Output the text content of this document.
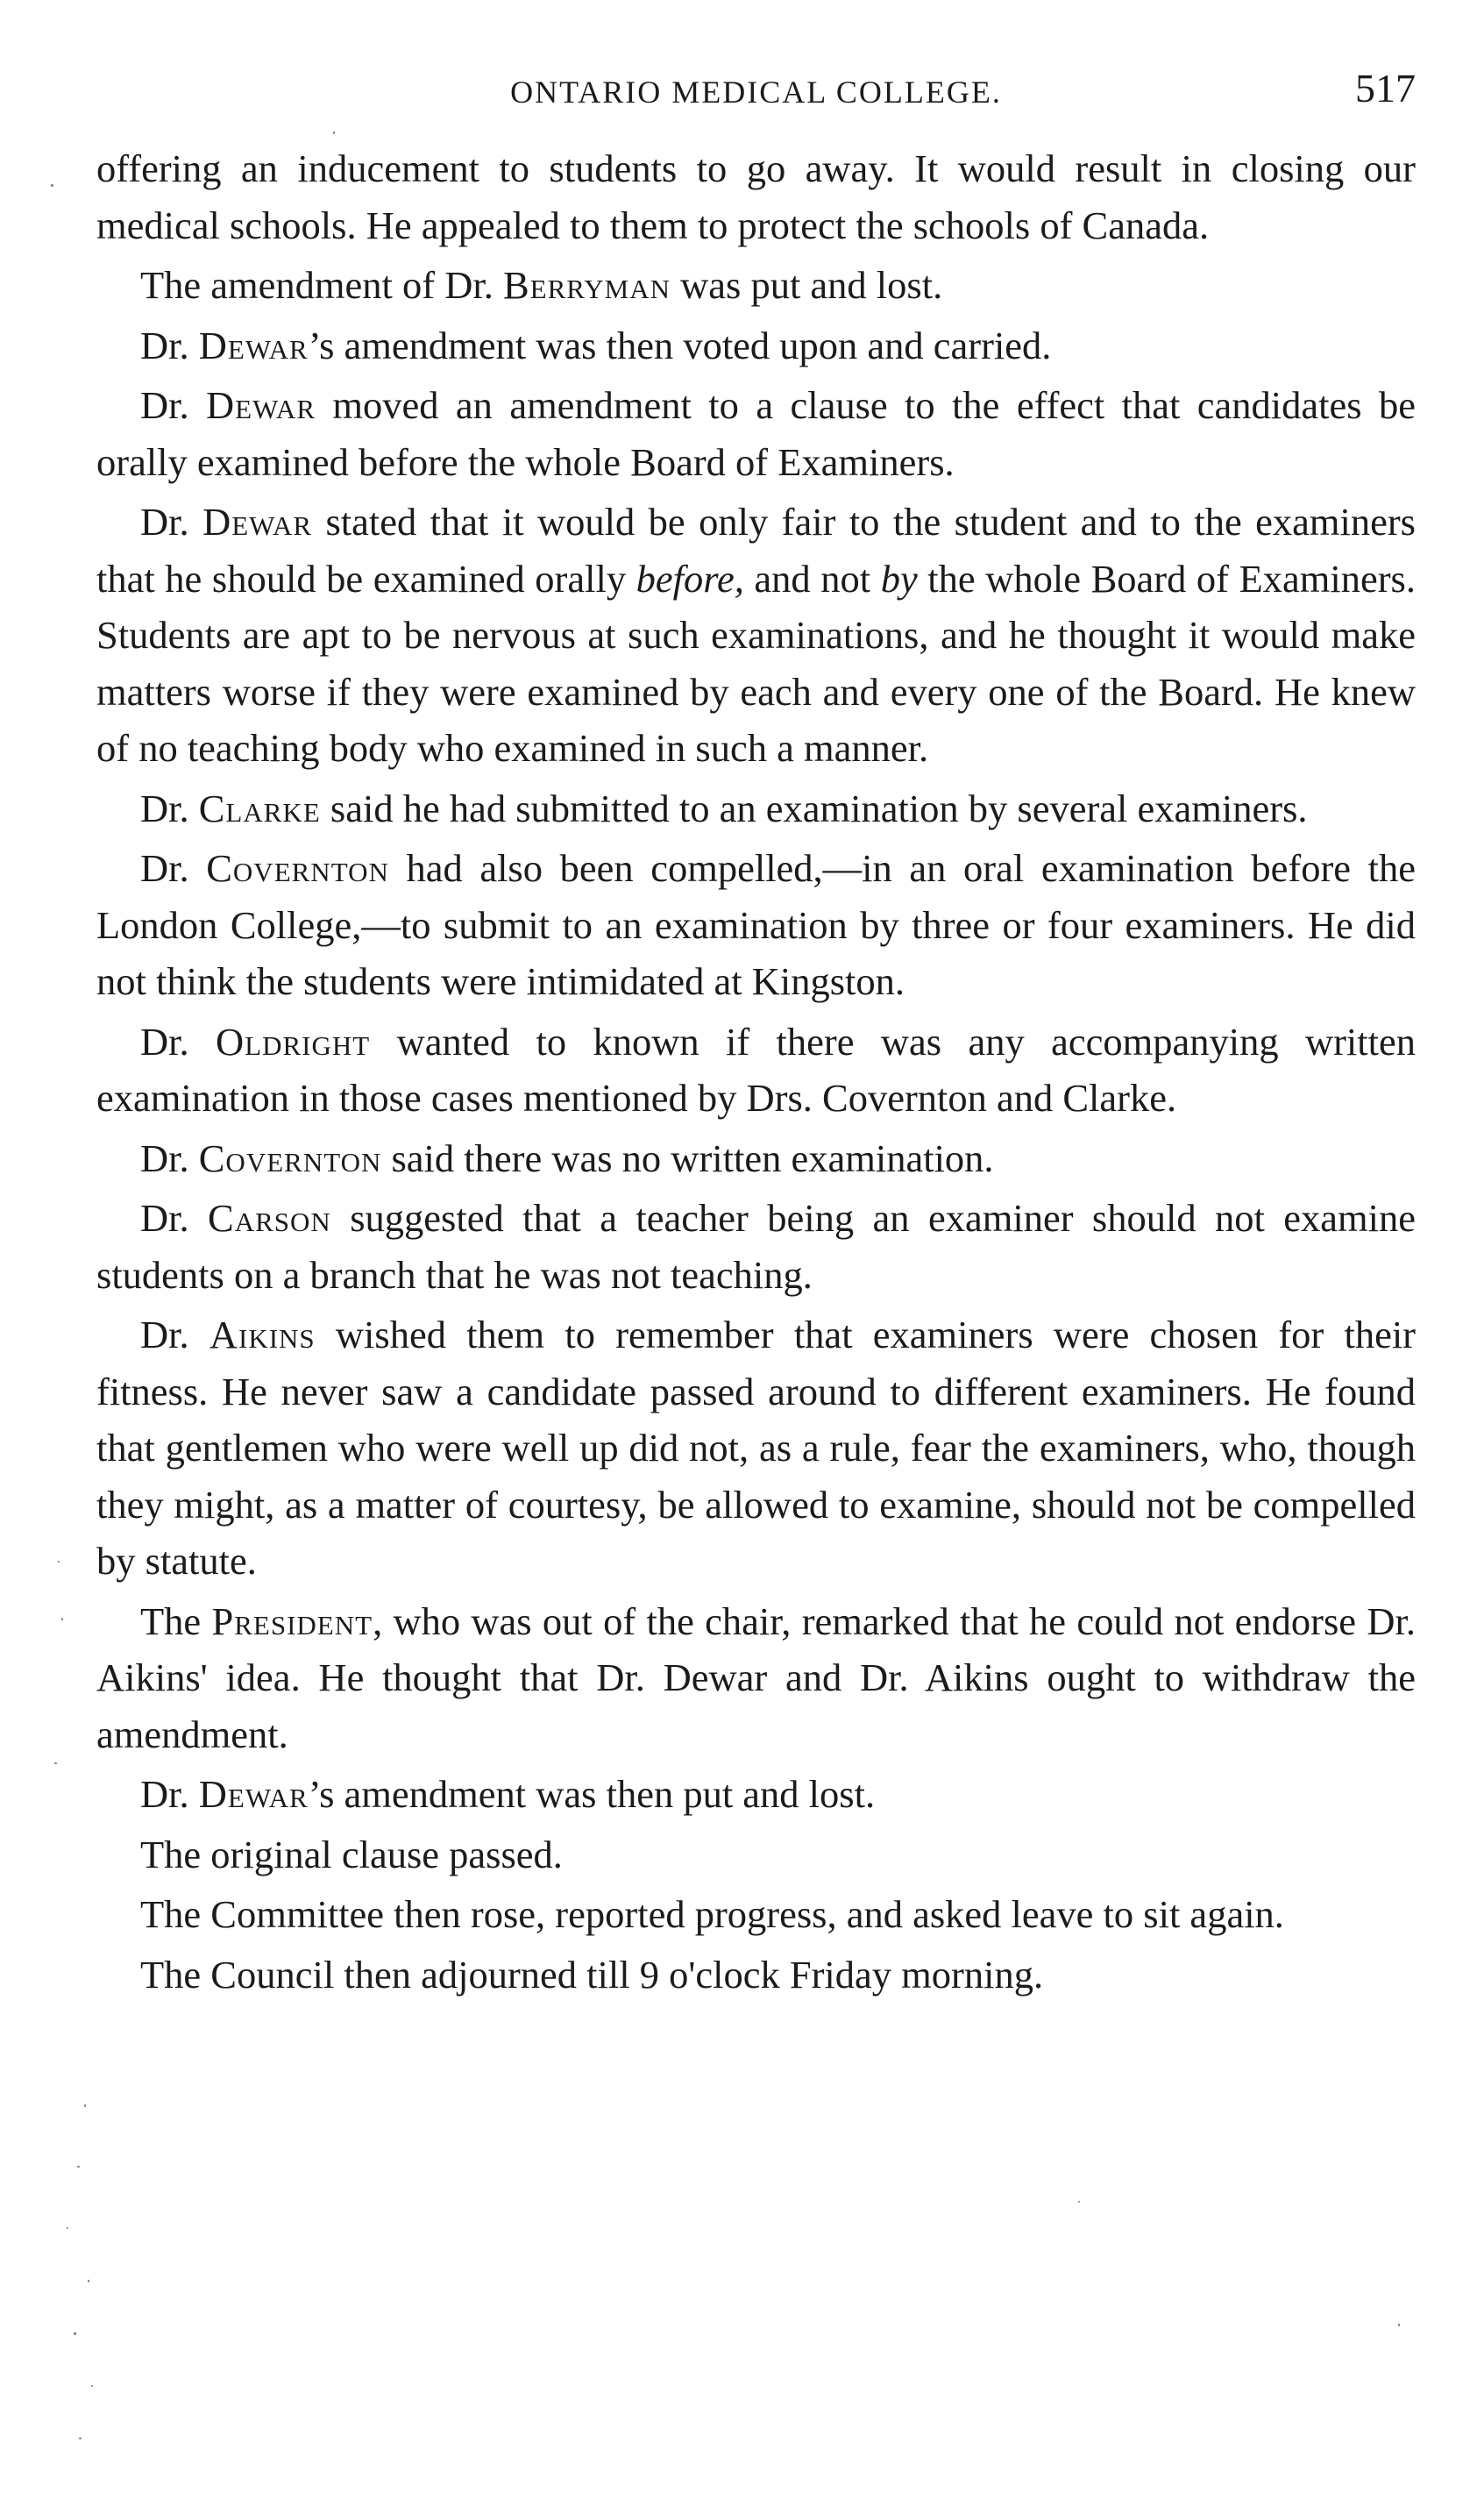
ONTARIO MEDICAL COLLEGE.	517

offering an inducement to students to go away. It would result in closing our medical schools. He appealed to them to protect the schools of Canada.

The amendment of Dr. Berryman was put and lost.

Dr. Dewar’s amendment was then voted upon and carried.

Dr. Dewar moved an amendment to a clause to the effect that candidates be orally examined before the whole Board of Examiners.

Dr. Dewar stated that it would be only fair to the student and to the examiners that he should be examined orally before, and not by the whole Board of Examiners. Students are apt to be nervous at such examinations, and he thought it would make matters worse if they were examined by each and every one of the Board. He knew of no teaching body who examined in such a manner.

Dr. Clarke said he had submitted to an examination by several examiners.

Dr. Covernton had also been compelled,—in an oral examination before the London College,—to submit to an examination by three or four examiners. He did not think the students were intimidated at Kingston.

Dr. Oldright wanted to known if there was any accompanying written examination in those cases mentioned by Drs. Covernton and Clarke.

Dr. Covernton said there was no written examination.

Dr. Carson suggested that a teacher being an examiner should not examine students on a branch that he was not teaching.

Dr. Aikins wished them to remember that examiners were chosen for their fitness. He never saw a candidate passed around to different examiners. He found that gentlemen who were well up did not, as a rule, fear the examiners, who, though they might, as a matter of courtesy, be allowed to examine, should not be compelled by statute.

The President, who was out of the chair, remarked that he could not endorse Dr. Aikins' idea. He thought that Dr. Dewar and Dr. Aikins ought to withdraw the amendment.

Dr. Dewar’s amendment was then put and lost.

The original clause passed.

The Committee then rose, reported progress, and asked leave to sit again.

The Council then adjourned till 9 o'clock Friday morning.
